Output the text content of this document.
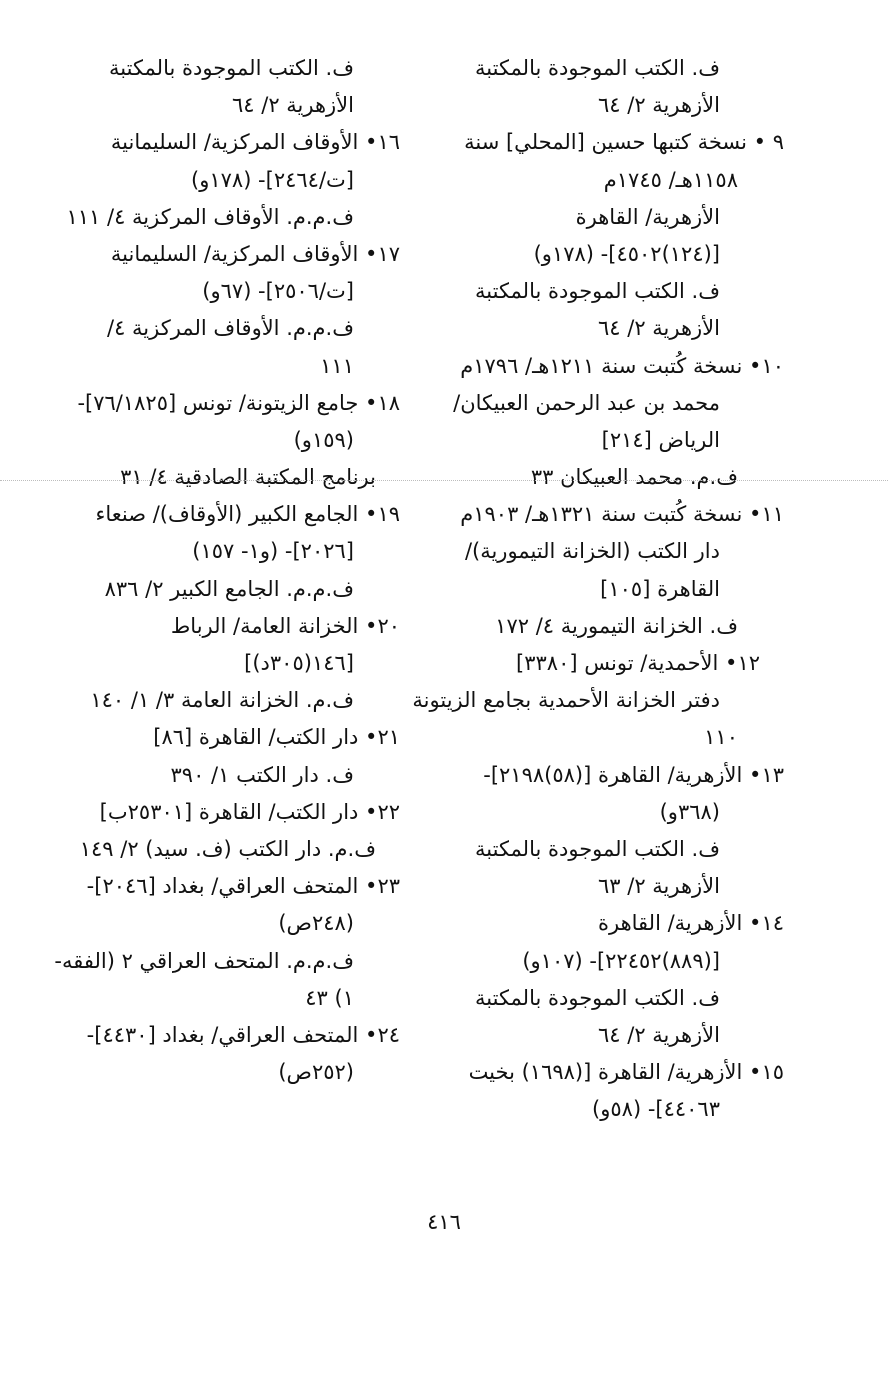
ف. الكتب الموجودة بالمكتبة
الأزهرية ٢/ ٦٤
٩ • نسخة كتبها حسين [المحلي] سنة
١١٥٨هـ/ ١٧٤٥م
الأزهرية/ القاهرة
[(١٢٤)٤٥٠٢]- (١٧٨و)
ف. الكتب الموجودة بالمكتبة
الأزهرية ٢/ ٦٤
١٠• نسخة كُتبت سنة ١٢١١هـ/ ١٧٩٦م
محمد بن عبد الرحمن العبيكان/
الرياض [٢١٤]
ف.م. محمد العبيكان ٣٣
١١• نسخة كُتبت سنة ١٣٢١هـ/ ١٩٠٣م
دار الكتب (الخزانة التيمورية)/
القاهرة [١٠٥]
ف. الخزانة التيمورية ٤/ ١٧٢
١٢• الأحمدية/ تونس [٣٣٨٠]
دفتر الخزانة الأحمدية بجامع الزيتونة
١١٠
١٣• الأزهرية/ القاهرة [(٥٨)٢١٩٨]-
(٣٦٨و)
ف. الكتب الموجودة بالمكتبة
الأزهرية ٢/ ٦٣
١٤• الأزهرية/ القاهرة
[(٨٨٩)٢٢٤٥٢]- (١٠٧و)
ف. الكتب الموجودة بالمكتبة
الأزهرية ٢/ ٦٤
١٥• الأزهرية/ القاهرة [(١٦٩٨) بخيت
٤٤٠٦٣]- (٥٨و)
ف. الكتب الموجودة بالمكتبة
الأزهرية ٢/ ٦٤
١٦• الأوقاف المركزية/ السليمانية
[ت/٢٤٦٤]- (١٧٨و)
ف.م.م. الأوقاف المركزية ٤/ ١١١
١٧• الأوقاف المركزية/ السليمانية
[ت/٢٥٠٦]- (٦٧و)
ف.م.م. الأوقاف المركزية ٤/
١١١
١٨• جامع الزيتونة/ تونس [٧٦/١٨٢٥]-
(١٥٩و)
برنامج المكتبة الصادقية ٤/ ٣١
١٩• الجامع الكبير (الأوقاف)/ صنعاء
[٢٠٢٦]- (و١- ١٥٧)
ف.م.م. الجامع الكبير ٢/ ٨٣٦
٢٠• الخزانة العامة/ الرباط
[١٤٦(٣٠٥د)]
ف.م. الخزانة العامة ٣/ ١/ ١٤٠
٢١• دار الكتب/ القاهرة [٨٦]
ف. دار الكتب ١/ ٣٩٠
٢٢• دار الكتب/ القاهرة [٢٥٣٠١ب]
ف.م. دار الكتب (ف. سيد) ٢/ ١٤٩
٢٣• المتحف العراقي/ بغداد [٢٠٤٦]-
(٢٤٨ص)
ف.م.م. المتحف العراقي ٢ (الفقه-
١) ٤٣
٢٤• المتحف العراقي/ بغداد [٤٤٣٠]-
(٢٥٢ص)
٤١٦
